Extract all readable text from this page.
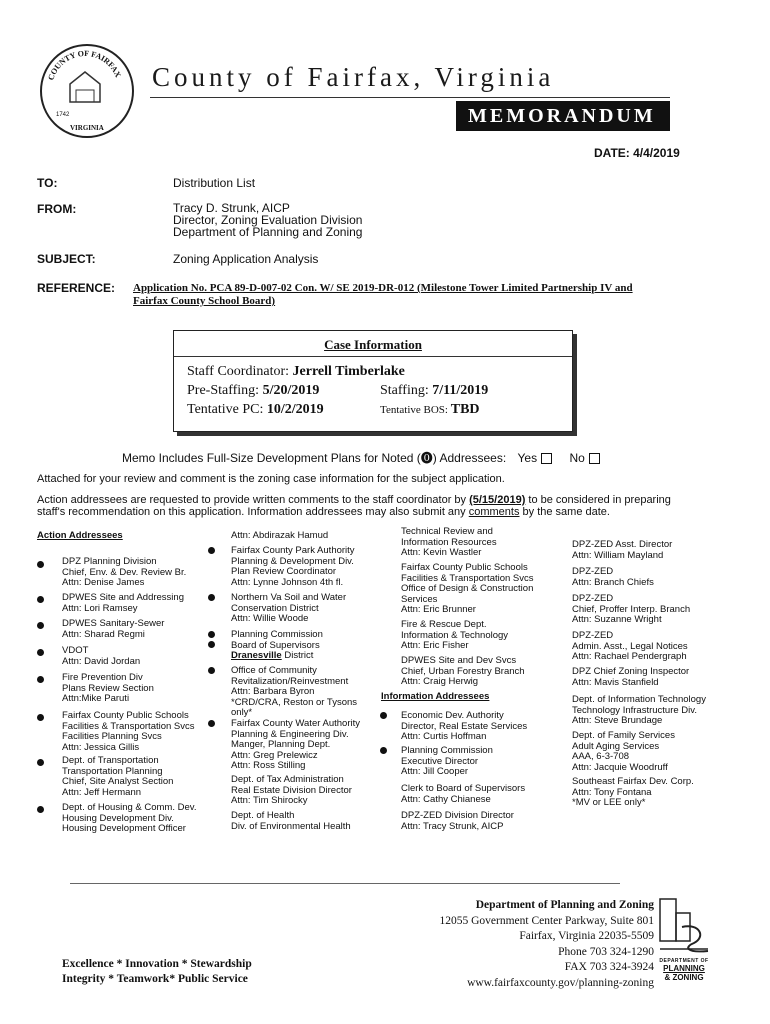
COUNTY OF FAIRFAX
1742
VIRGINIA
County of Fairfax, Virginia
MEMORANDUM
DATE: 4/4/2019
TO:	Distribution List
FROM:	Tracy D. Strunk, AICP
Director, Zoning Evaluation Division
Department of Planning and Zoning
SUBJECT:	Zoning Application Analysis
REFERENCE: Application No. PCA 89-D-007-02 Con. W/ SE 2019-DR-012 (Milestone Tower Limited Partnership IV and
Fairfax County School Board)
Case Information
Staff Coordinator: Jerrell Timberlake
Pre-Staffing: 5/20/2019	Staffing: 7/11/2019
Tentative PC: 10/2/2019	Tentative BOS: TBD
Memo Includes Full-Size Development Plans for Noted (⓿) Addressees: Yes	No
Attached for your review and comment is the zoning case information for the subject application.
Action addressees are requested to provide written comments to the staff coordinator by (5/15/2019) to be considered in preparing
staff's recommendation on this application. Information addressees may also submit any comments by the same date.
Action Addressees
DPZ Planning Division
Chief, Env. & Dev. Review Br.
Attn: Denise James
DPWES Site and Addressing
Attn: Lori Ramsey
DPWES Sanitary-Sewer
Attn: Sharad Regmi
VDOT
Attn: David Jordan
Fire Prevention Div
Plans Review Section
Attn:Mike Paruti
Fairfax County Public Schools
Facilities & Transportation Svcs
Facilities Planning Svcs
Attn: Jessica Gillis
Dept. of Transportation
Transportation Planning
Chief, Site Analyst Section
Attn: Jeff Hermann
Dept. of Housing & Comm. Dev.
Housing Development Div.
Housing Development Officer
Attn: Abdirazak Hamud
Fairfax County Park Authority
Planning & Development Div.
Plan Review Coordinator
Attn: Lynne Johnson 4th fl.
Northern Va Soil and Water
Conservation District
Attn: Willie Woode
Planning Commission
Board of Supervisors
Dranesville District
Office of Community
Revitalization/Reinvestment
Attn: Barbara Byron
*CRD/CRA, Reston or Tysons
only*
Fairfax County Water Authority
Planning & Engineering Div.
Manger, Planning Dept.
Attn: Greg Prelewicz
Attn: Ross Stilling
Dept. of Tax Administration
Real Estate Division Director
Attn: Tim Shirocky
Dept. of Health
Div. of Environmental Health
Technical Review and
Information Resources
Attn: Kevin Wastler
Fairfax County Public Schools
Facilities & Transportation Svcs
Office of Design & Construction
Services
Attn: Eric Brunner
Fire & Rescue Dept.
Information & Technology
Attn: Eric Fisher
DPWES Site and Dev Svcs
Chief, Urban Forestry Branch
Attn: Craig Herwig
Information Addressees
Economic Dev. Authority
Director, Real Estate Services
Attn: Curtis Hoffman
Planning Commission
Executive Director
Attn: Jill Cooper
Clerk to Board of Supervisors
Attn: Cathy Chianese
DPZ-ZED Division Director
Attn: Tracy Strunk, AICP
DPZ-ZED Asst. Director
Attn: William Mayland
DPZ-ZED
Attn: Branch Chiefs
DPZ-ZED
Chief, Proffer Interp. Branch
Attn: Suzanne Wright
DPZ-ZED
Admin. Asst., Legal Notices
Attn: Rachael Pendergraph
DPZ Chief Zoning Inspector
Attn: Mavis Stanfield
Dept. of Information Technology
Technology Infrastructure Div.
Attn: Steve Brundage
Dept. of Family Services
Adult Aging Services
AAA, 6-3-708
Attn: Jacquie Woodruff
Southeast Fairfax Dev. Corp.
Attn: Tony Fontana
*MV or LEE only*
Department of Planning and Zoning
12055 Government Center Parkway, Suite 801
Fairfax, Virginia 22035-5509
Phone 703 324-1290
FAX 703 324-3924
www.fairfaxcounty.gov/planning-zoning
Excellence * Innovation * Stewardship
Integrity * Teamwork* Public Service
DEPARTMENT OF
PLANNING
& ZONING
